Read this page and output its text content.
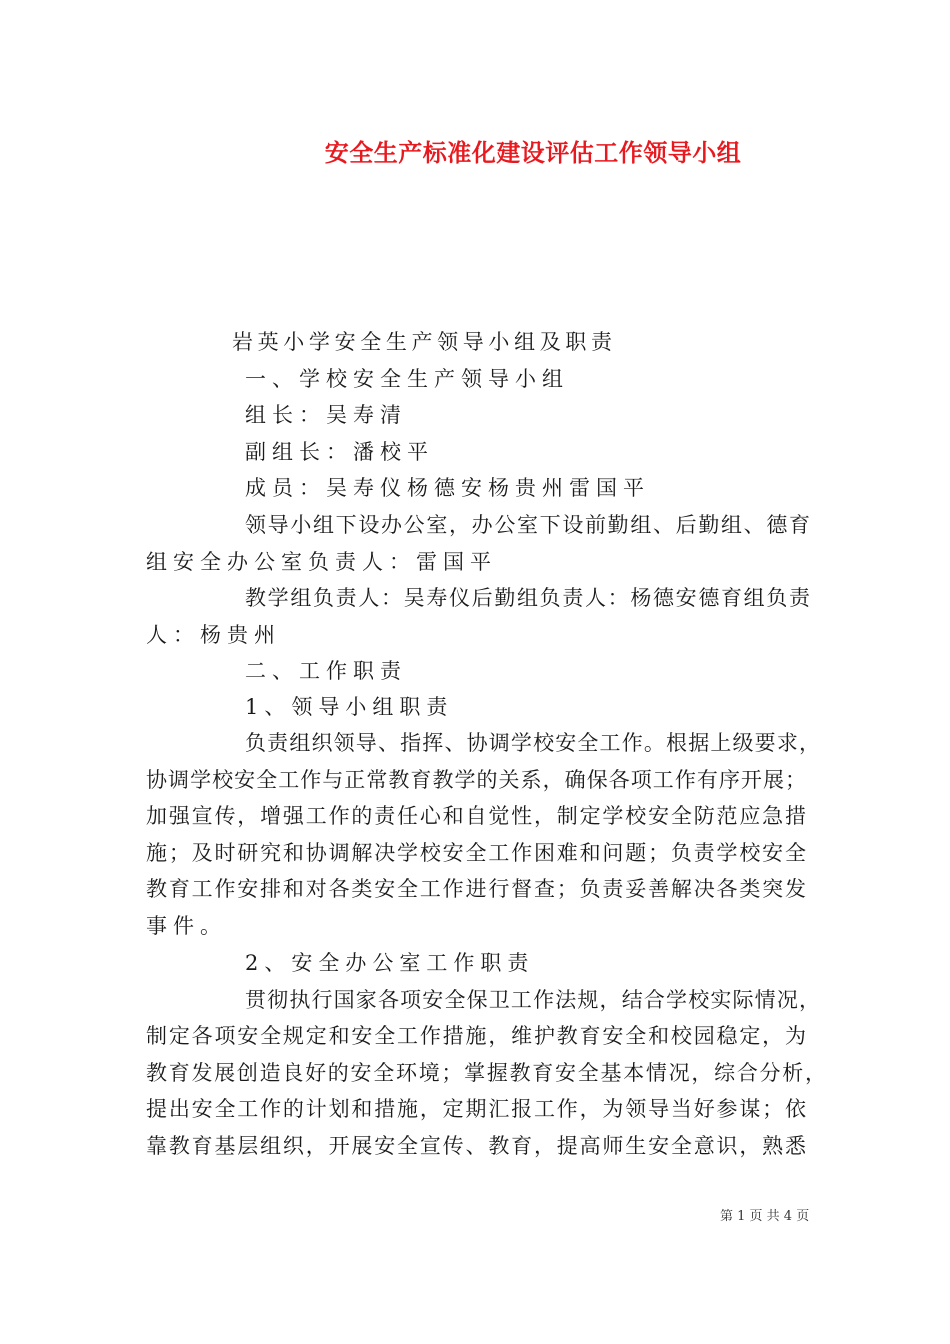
安全生产标准化建设评估工作领导小组
岩英小学安全生产领导小组及职责
一、学校安全生产领导小组
组长：吴寿清
副组长：潘校平
成员：吴寿仪杨德安杨贵州雷国平
领导小组下设办公室，办公室下设前勤组、后勤组、德育
组安全办公室负责人：雷国平
教学组负责人：吴寿仪后勤组负责人：杨德安德育组负责
人：杨贵州
二、工作职责
1、领导小组职责
负责组织领导、指挥、协调学校安全工作。根据上级要求，
协调学校安全工作与正常教育教学的关系，确保各项工作有序开展；
加强宣传，增强工作的责任心和自觉性，制定学校安全防范应急措
施；及时研究和协调解决学校安全工作困难和问题；负责学校安全
教育工作安排和对各类安全工作进行督查；负责妥善解决各类突发
事件。
2、安全办公室工作职责
贯彻执行国家各项安全保卫工作法规，结合学校实际情况，
制定各项安全规定和安全工作措施，维护教育安全和校园稳定，为
教育发展创造良好的安全环境；掌握教育安全基本情况，综合分析，
提出安全工作的计划和措施，定期汇报工作，为领导当好参谋；依
靠教育基层组织，开展安全宣传、教育，提高师生安全意识，熟悉
第 1 页 共 4 页
